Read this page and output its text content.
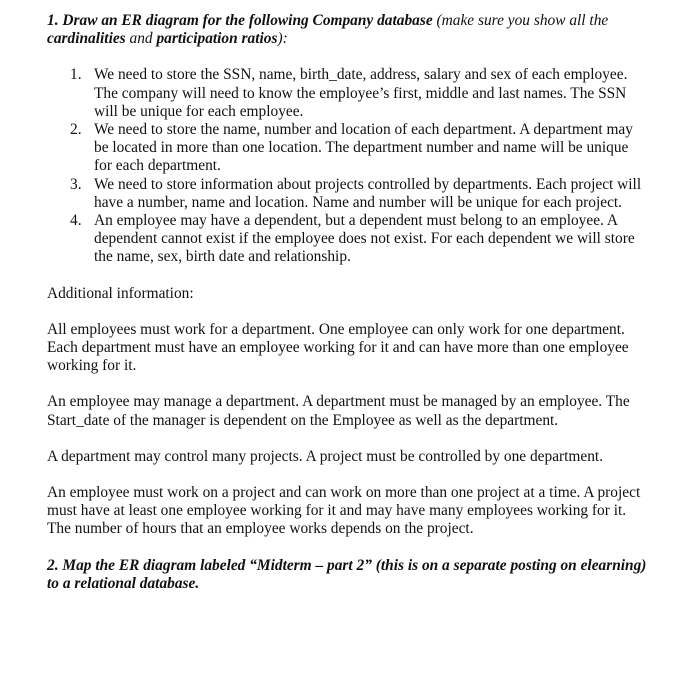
1. Draw an ER diagram for the following Company database (make sure you show all the cardinalities and participation ratios):

1. We need to store the SSN, name, birth_date, address, salary and sex of each employee. The company will need to know the employee’s first, middle and last names. The SSN will be unique for each employee.
2. We need to store the name, number and location of each department. A department may be located in more than one location. The department number and name will be unique for each department.
3. We need to store information about projects controlled by departments. Each project will have a number, name and location. Name and number will be unique for each project.
4. An employee may have a dependent, but a dependent must belong to an employee. A dependent cannot exist if the employee does not exist. For each dependent we will store the name, sex, birth date and relationship.

Additional information:

All employees must work for a department. One employee can only work for one department. Each department must have an employee working for it and can have more than one employee working for it.

An employee may manage a department. A department must be managed by an employee. The Start_date of the manager is dependent on the Employee as well as the department.

A department may control many projects. A project must be controlled by one department.

An employee must work on a project and can work on more than one project at a time. A project must have at least one employee working for it and may have many employees working for it. The number of hours that an employee works depends on the project.

2. Map the ER diagram labeled “Midterm – part 2” (this is on a separate posting on elearning) to a relational database.
